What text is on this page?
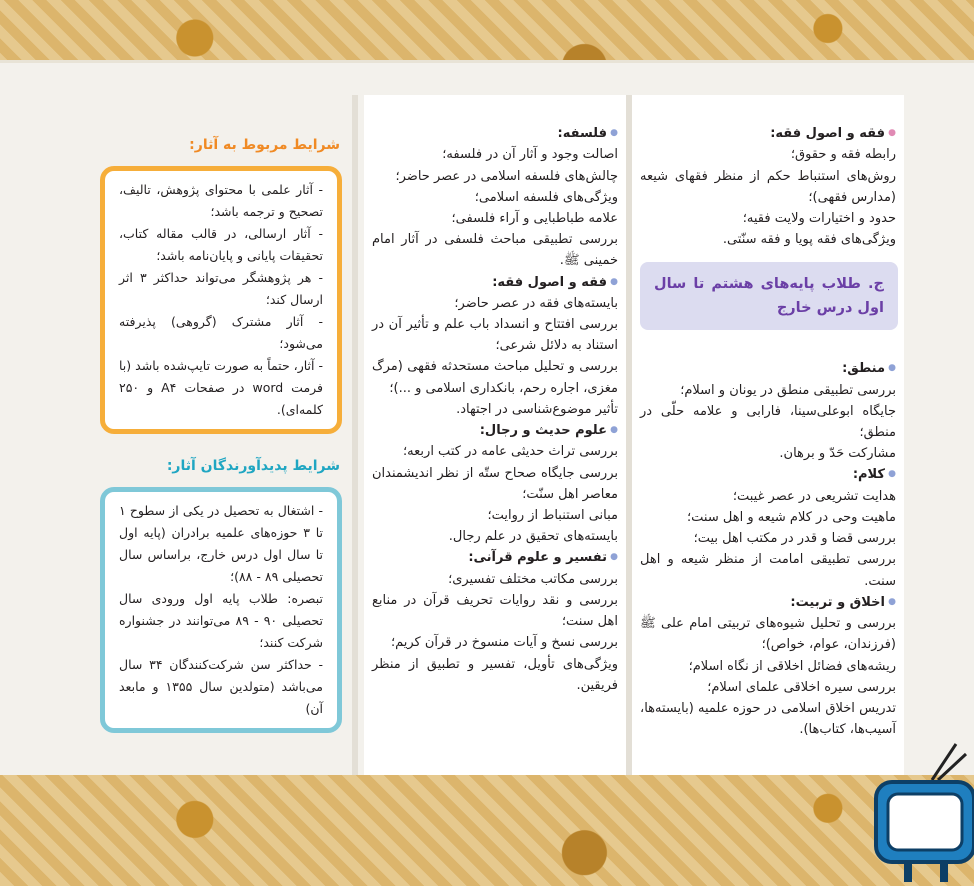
● فقه و اصول فقه:
رابطه فقه و حقوق؛
روش‌های استنباط حکم از منظر فقهای شیعه (مدارس فقهی)؛
حدود و اختیارات ولایت فقیه؛
ویژگی‌های فقه پویا و فقه سنّتی.
ج. طلاب پایه‌های هشتم تا سال اول درس خارج
● منطق:
بررسی تطبیقی منطق در یونان و اسلام؛
جایگاه ابوعلی‌سینا، فارابی و علامه حلّی در منطق؛
مشارکت حَدّ و برهان.
● کلام:
هدایت تشریعی در عصر غیبت؛
ماهیت وحی در کلام شیعه و اهل سنت؛
بررسی قضا و قدر در مکتب اهل بیت؛
بررسی تطبیقی امامت از منظر شیعه و اهل سنت.
● اخلاق و تربیت:
بررسی و تحلیل شیوه‌های تربیتی امام علی ﷺ (فرزندان، عوام، خواص)؛
ریشه‌های فضائل اخلاقی از نگاه اسلام؛
بررسی سیره اخلاقی علمای اسلام؛
تدریس اخلاق اسلامی در حوزه علمیه (بایسته‌ها، آسیب‌ها، کتاب‌ها).
● فلسفه:
اصالت وجود و آثار آن در فلسفه؛
چالش‌های فلسفه اسلامی در عصر حاضر؛
ویژگی‌های فلسفه اسلامی؛
علامه طباطبایی و آراء فلسفی؛
بررسی تطبیقی مباحث فلسفی در آثار امام خمینی ﷺ.
● فقه و اصول فقه:
بایسته‌های فقه در عصر حاضر؛
بررسی افتتاح و انسداد باب علم و تأثیر آن در استناد به دلائل شرعی؛
بررسی و تحلیل مباحث مستحدثه فقهی (مرگ مغزی، اجاره رحم، بانکداری اسلامی و ...)؛
تأثیر موضوع‌شناسی در اجتهاد.
● علوم حدیث و رجال:
بررسی تراث حدیثی عامه در کتب اربعه؛
بررسی جایگاه صحاح ستّه از نظر اندیشمندان معاصر اهل سنّت؛
مبانی استنباط از روایت؛
بایسته‌های تحقیق در علم رجال.
● تفسیر و علوم قرآنی:
بررسی مکاتب مختلف تفسیری؛
بررسی و نقد روایات تحریف قرآن در منابع اهل سنت؛
بررسی نسخ و آیات منسوخ در قرآن کریم؛
ویژگی‌های تأویل، تفسیر و تطبیق از منظر فریقین.
شرایط مربوط به آثار:
- آثار علمی با محتوای پژوهش، تالیف، تصحیح و ترجمه باشد؛
- آثار ارسالی، در قالب مقاله کتاب، تحقیقات پایانی و پایان‌نامه باشد؛
- هر پژوهشگر می‌تواند حداکثر ۳ اثر ارسال کند؛
- آثار مشترک (گروهی) پذیرفته می‌شود؛
- آثار، حتماً به صورت تایپ‌شده باشد (با فرمت word در صفحات A۴ و ۲۵۰ کلمه‌ای).
شرایط پدیدآورندگان آثار:
- اشتغال به تحصیل در یکی از سطوح ۱ تا ۳ حوزه‌های علمیه برادران (پایه اول تا سال اول درس خارج، براساس سال تحصیلی ۸۹ - ۸۸)؛
تبصره: طلاب پایه اول ورودی سال تحصیلی ۹۰ - ۸۹ می‌توانند در جشنواره شرکت کنند؛
- حداکثر سن شرکت‌کنندگان ۳۴ سال می‌باشد (متولدین سال ۱۳۵۵ و مابعد آن)
